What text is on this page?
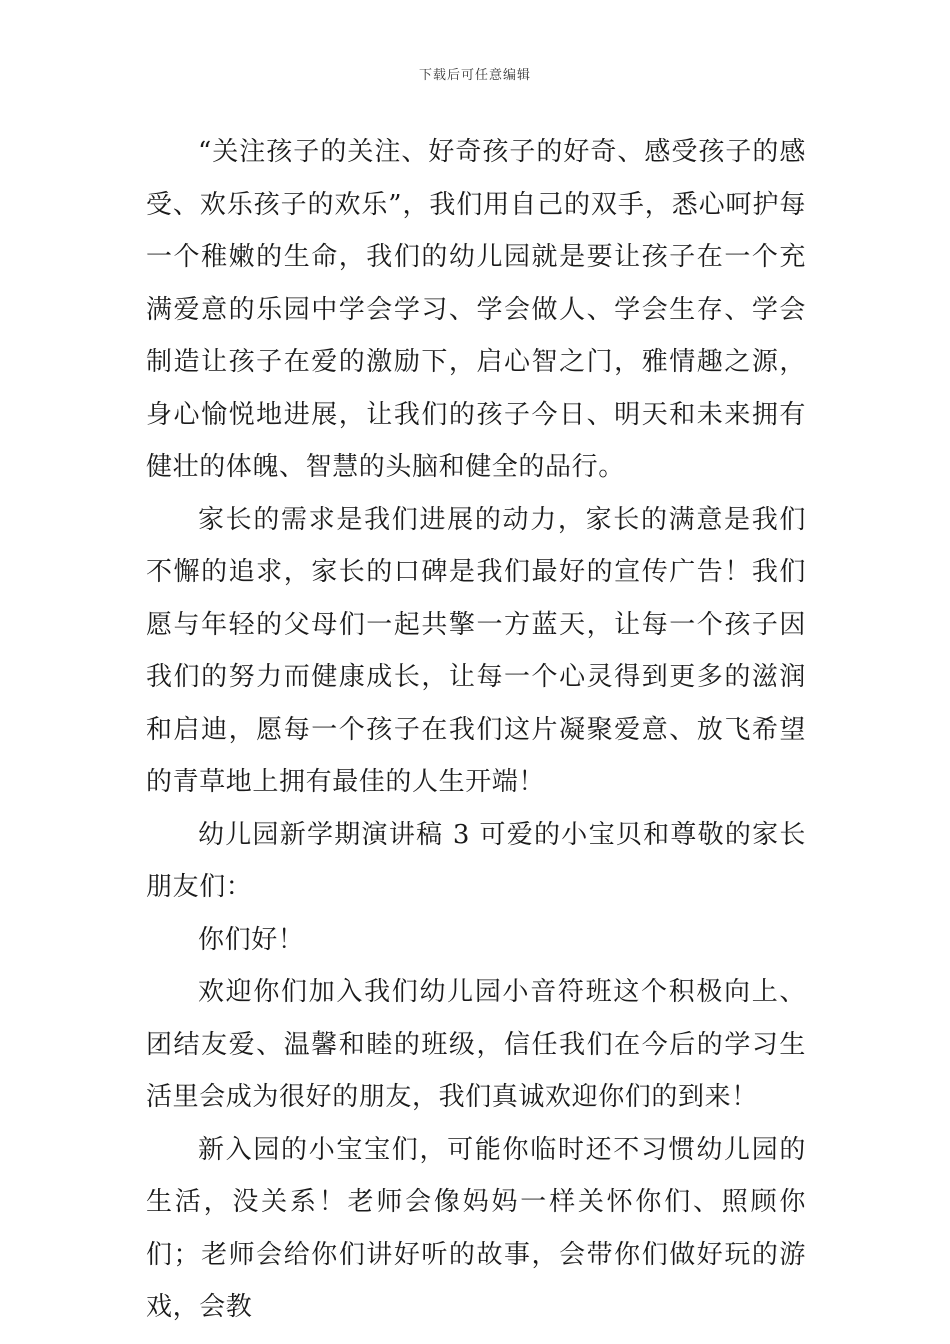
下载后可任意编辑

“关注孩子的关注、好奇孩子的好奇、感受孩子的感受、欢乐孩子的欢乐”，我们用自己的双手，悉心呵护每一个稚嫩的生命，我们的幼儿园就是要让孩子在一个充满爱意的乐园中学会学习、学会做人、学会生存、学会制造让孩子在爱的激励下，启心智之门，雅情趣之源，身心愉悦地进展，让我们的孩子今日、明天和未来拥有健壮的体魄、智慧的头脑和健全的品行。

家长的需求是我们进展的动力，家长的满意是我们不懈的追求，家长的口碑是我们最好的宣传广告！我们愿与年轻的父母们一起共擎一方蓝天，让每一个孩子因我们的努力而健康成长，让每一个心灵得到更多的滋润和启迪，愿每一个孩子在我们这片凝聚爱意、放飞希望的青草地上拥有最佳的人生开端！

幼儿园新学期演讲稿 3 可爱的小宝贝和尊敬的家长朋友们：

你们好！

欢迎你们加入我们幼儿园小音符班这个积极向上、团结友爱、温馨和睦的班级，信任我们在今后的学习生活里会成为很好的朋友，我们真诚欢迎你们的到来！

新入园的小宝宝们，可能你临时还不习惯幼儿园的生活，没关系！老师会像妈妈一样关怀你们、照顾你们；老师会给你们讲好听的故事，会带你们做好玩的游戏，会教
